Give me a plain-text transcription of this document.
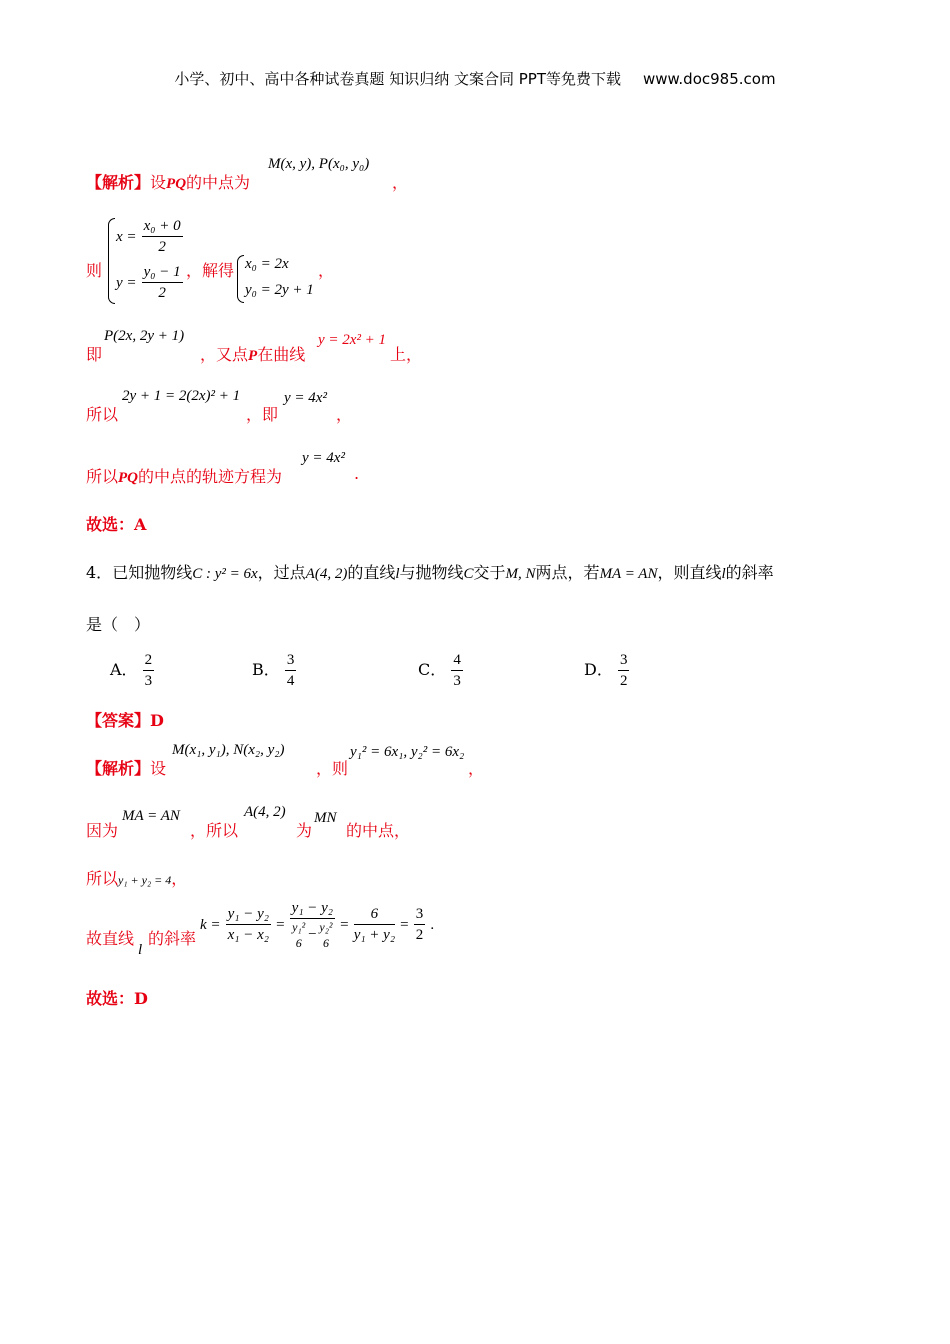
小学、初中、高中各种试卷真题 知识归纳 文案合同 PPT等免费下载 www.doc985.com
【解析】设PQ的中点为
M(x, y), P(x₀, y₀)
，
则
$x = \frac{\text{x₀ + 0}}{2}$
$y = \frac{\text{y₀ − 1}}{2}$ ，解得 x₀ = 2x
y₀ = 2y + 1
，
即
P(2x, 2y + 1)
，又点P在曲线
y = 2x² + 1
上，
所以
2y + 1 = 2(2x)² + 1
，即
y = 4x²
，
所以PQ的中点的轨迹方程为
y = 4x²
.
故选：A
4．已知抛物线C : y² = 6x，过点A(4, 2)的直线l与抛物线C交于M, N两点，若MA = AN，则直线l的斜率
是（　）
A． $\frac{2}{3}$	B． $\frac{3}{4}$	C． $\frac{4}{3}$	D． $\frac{3}{2}$
【答案】D
【解析】设
M(x₁, y₁), N(x₂, y₂)
，则
y₁² = 6x₁, y₂² = 6x₂
，
因为
MA = AN
，所以
A(4, 2)
为
MN
的中点，
所以y₁ + y₂ = 4，
故直线
l
的斜率
$k = \frac{\text{y₁ − y₂}}{\text{x₁ − x₂}} = y_1 - y_2$
y₁²
6
− y₂²
$6 = \frac{6}{\text{y₁ + y₂}} = \frac{3}{2}$ .
故选：D
